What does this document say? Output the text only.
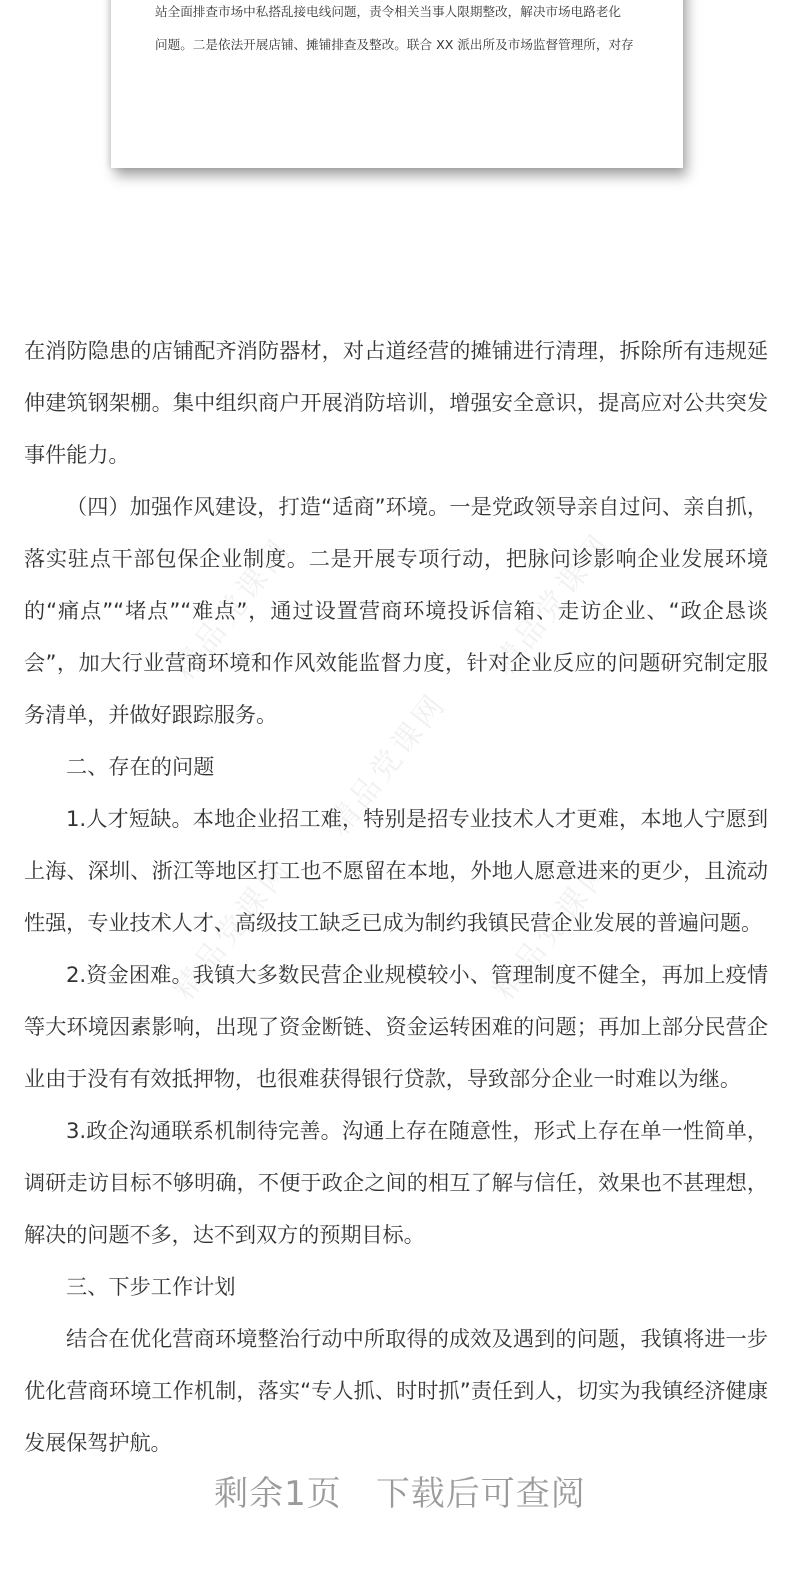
站全面排查市场中私搭乱接电线问题，责令相关当事人限期整改，解决市场电路老化
问题。二是依法开展店铺、摊铺排查及整改。联合 XX 派出所及市场监督管理所，对存
精品党课网	精品党课网
精品党课网
精品党课网	精品党课网

在消防隐患的店铺配齐消防器材，对占道经营的摊铺进行清理，拆除所有违规延伸建筑钢架棚。集中组织商户开展消防培训，增强安全意识，提高应对公共突发事件能力。

（四）加强作风建设，打造“适商”环境。一是党政领导亲自过问、亲自抓，落实驻点干部包保企业制度。二是开展专项行动，把脉问诊影响企业发展环境的“痛点”“堵点”“难点”，通过设置营商环境投诉信箱、走访企业、“政企恳谈会”，加大行业营商环境和作风效能监督力度，针对企业反应的问题研究制定服务清单，并做好跟踪服务。

二、存在的问题

1.人才短缺。本地企业招工难，特别是招专业技术人才更难，本地人宁愿到上海、深圳、浙江等地区打工也不愿留在本地，外地人愿意进来的更少，且流动性强，专业技术人才、高级技工缺乏已成为制约我镇民营企业发展的普遍问题。

2.资金困难。我镇大多数民营企业规模较小、管理制度不健全，再加上疫情等大环境因素影响，出现了资金断链、资金运转困难的问题；再加上部分民营企业由于没有有效抵押物，也很难获得银行贷款，导致部分企业一时难以为继。

3.政企沟通联系机制待完善。沟通上存在随意性，形式上存在单一性简单，调研走访目标不够明确，不便于政企之间的相互了解与信任，效果也不甚理想，解决的问题不多，达不到双方的预期目标。

三、下步工作计划

结合在优化营商环境整治行动中所取得的成效及遇到的问题，我镇将进一步优化营商环境工作机制，落实“专人抓、时时抓”责任到人，切实为我镇经济健康发展保驾护航。

剩余1页 下载后可查阅
